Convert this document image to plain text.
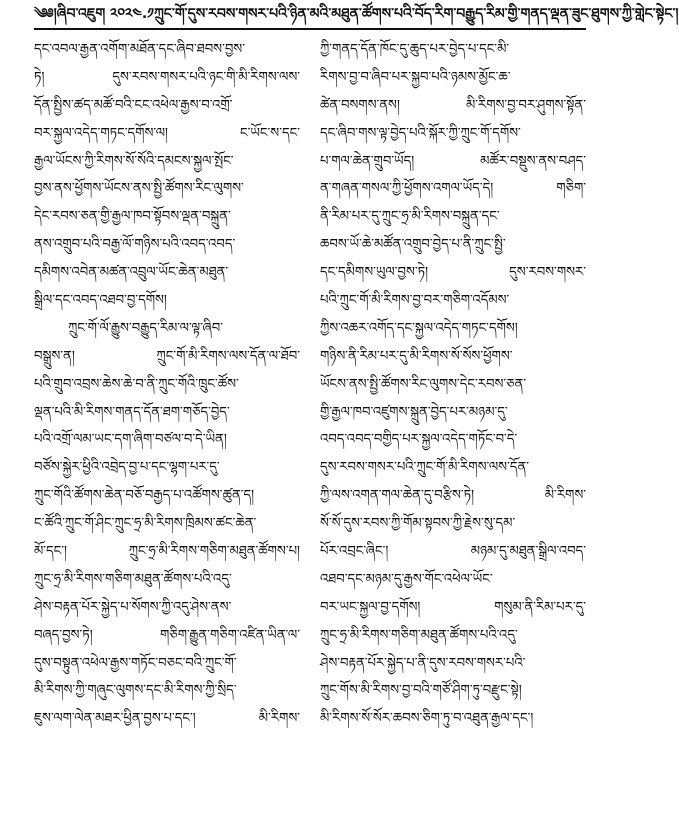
༄༅།ཞིབ་འཇུག ༢༠༢༤.༡ ཀྲུང་གོ་དུས་རབས་གསར་པའི་ཉིན་མའི་མཐུན་ཚོགས་པའི་བོད་རིག་བརྒྱུད་རིམ་གྱི་གནད་ལྡན་ཟུང་ཐུགས་ཀྱི་གླེང་སྟེང་།
དང་འབལ་རྒྱན་འགོག་མཐོན་དང་ཞིབ་ཐབས་བྱས་
ཏེ། དུས་རབས་གསར་པའི་ཉང་གི་མི་རིགས་ལས་
དོན་སྤྱིས་ཚད་མཚོ་བའི་ངང་འཕེལ་རྒྱས་བ་འགྲོ་
བར་སྐྱལ་འདེད་གཏང་དགོས་ལ། ང་ཡོང་ས་དང་
རྒྱལ་ཡོངས་ཀྱི་རིགས་སོ་སོའི་དམངས་སྐྱལ་སྤོང་
བྱས་ནས་ཕྱོགས་ཡོངས་ནས་སྤྱི་ཚོགས་རིང་ལུགས་
དེང་རབས་ཅན་གྱི་རྒྱལ་ཁབ་སྟོབས་ལྡན་བསྐྲུན་
ནས་འགྲུབ་པའི་བརྒྱ་ལོ་གཉིས་པའི་འབད་འབད་
དམིགས་འབེན་མཚན་འབྲུལ་ཡོང་ཆེན་མཐུན་
སྒྲིལ་དང་འབད་འཐབ་བྱ་དགོས།
ཀྲུང་གོ་ལོ་རྒྱུས་བརྒྱུད་རིམ་ལ་ལྟ་ཞིབ་
བསྒྲུས་ན། ཀྲུང་གོ་མི་རིགས་ལས་དོན་ལ་ཐོབ་
པའི་གྲུབ་འབྲས་ཆེས་ཆེ་བ་ནི་ཀྲུང་གོའི་ཁྲུང་ཚོས་
ལྡན་པའི་མི་རིགས་གནད་དོན་ཐག་གཅོད་བྱེད་
པའི་འགྲོ་ལམ་ཡང་དག་ཞིག་བཙལ་བ་དེ་ཡིན།
བཙོས་སྐྱེར་ཕྱིའི་འབྲེད་བྱ་པ་དང་ལྷག་པར་དུ་
ཀྲུང་གོའི་ཚོགས་ཆེན་བཅོ་བརྒྱད་པ་འཚོགས་ཚུན་ད།
ང་ཚོའི་ཀྲུང་གོ་ཤིང་ཀྲུང་ཧྲ་མི་རིགས་ཁྲིམས་ཚང་ཆེན་
མོ་དང་། ཀྲུང་ཧྲ་མི་རིགས་གཅིག་མཐུན་ཚོགས་པ།
ཀྲུང་ཧྲ་མི་རིགས་གཅིག་མཐུན་ཚོགས་པའི་འདུ་
ཤེས་བརྟན་པོར་སྐྱེད་པ་སོགས་ཀྱི་འདུ་ཤེས་ནས་
བཞད་བྱས་ཏེ། གཅིག་རྒྱུན་གཅིག་འཛིན་ཡིན་ལ་
དུས་བསྟུན་འཕེལ་རྒྱས་གཏོང་བཅང་བའི་ཀྲུང་གོ་
མི་རིགས་ཀྱི་གཞུང་ལུགས་དང་མི་རིགས་ཀྱི་སྲིད་
ཇུས་ལག་ལེན་མཐར་ཕྱིན་བྱས་པ་དང་། མི་རིགས་
ཀྱི་གནད་དོན་ཁོང་དུ་ཆུད་པར་བྱེད་པ་དང་མི་
རིགས་བྱ་བ་ཞིབ་པར་སྐྱབ་པའི་ཉམས་མྱོང་ཆ་
ཚེན་བསགས་ནས། མི་རིགས་བྱ་བར་ཤུགས་སྟོན་
དང་ཞིབ་གས་ལྟ་བྱེད་པའི་སྐོར་ཀྱི་ཀྲུང་གོ་དགོས་
པ་གལ་ཆེན་གྲུབ་ཡོད། མཚོར་བསྡུས་ནས་བཤད་
ན་གཞན་གསལ་ཀྱི་ཕྱོགས་འགལ་ཡོད་དེ། གཅིག་
ནི་རིམ་པར་དུ་ཀྲུང་ཧྲ་མི་རིགས་བསྐྲུན་དང་
ཆབས་ཡོ་ཆེ་མཚོན་འགྲུབ་བྱེད་པ་ནི་ཀྲུང་སྤྱི་
དང་དམིགས་ཡུལ་བྱས་ཏེ། དུས་རབས་གསར་
པའི་ཀྲུང་གོ་མི་རིགས་བྱ་བར་གཅིག་འདོམས་
ཀྱིས་འཆར་འགོད་དང་སྐྱལ་འདེད་གཏང་དགོས།
གཉིས་ནི་རིམ་པར་དུ་མི་རིགས་སོ་སོས་ཕྱོགས་
ཡོངས་ནས་སྤྱི་ཚོགས་རིང་ལུགས་དེང་རབས་ཅན་
གྱི་རྒྱལ་ཁབ་འཛུགས་སྐྲུན་བྱེད་པར་མཉམ་དུ་
འབད་འབད་བགྱིད་པར་སྐྱལ་འདེད་གཏོང་བ་དེ་
དུས་རབས་གསར་པའི་ཀྲུང་གོ་མི་རིགས་ལས་དོན་
ཀྱི་ལས་འགན་གལ་ཆེན་དུ་བརྩིས་ཏེ། མི་རིགས་
སོ་སོ་དུས་རབས་ཀྱི་གོམ་སྟབས་ཀྱི་རྗེས་སུ་དམ་
པོར་འབྲང་ཞིང་། མཉམ་དུ་མཐུན་སྒྲིལ་འབད་
འཐབ་དང་མཉམ་དུ་རྒྱས་གོང་འཕེལ་ཡོང་
བར་ཡང་སྐྱལ་བྱ་དགོས། གསུམ་ནི་རིམ་པར་དུ་
ཀྲུང་ཧྲ་མི་རིགས་གཅིག་མཐུན་ཚོགས་པའི་འདུ་
ཤེས་བརྟན་པོར་སྐྱེད་པ་ནི་དུས་རབས་གསར་པའི་
ཀྲུང་གོས་མི་རིགས་བྱ་བའི་གཙོ་ཤིག་ཏུ་བརྫུང་སྟེ།
མི་རིགས་སོ་སོར་ཆབས་ཅིག་ཏུ་བ་འཐུན་རྒྱལ་དང་།
